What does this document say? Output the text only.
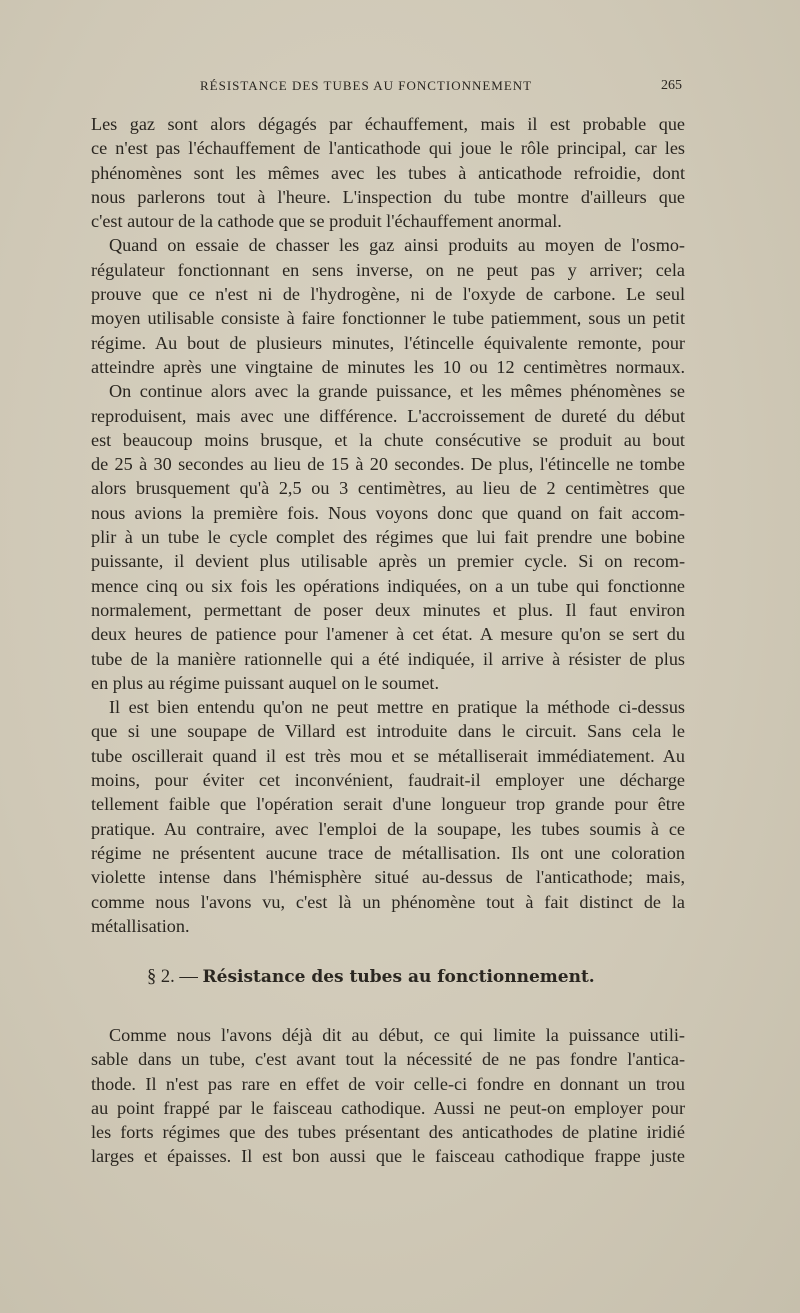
RÉSISTANCE DES TUBES AU FONCTIONNEMENT	265

Les gaz sont alors dégagés par échauffement, mais il est probable que
ce n'est pas l'échauffement de l'anticathode qui joue le rôle principal, car les
phénomènes sont les mêmes avec les tubes à anticathode refroidie, dont
nous parlerons tout à l'heure. L'inspection du tube montre d'ailleurs que
c'est autour de la cathode que se produit l'échauffement anormal.

Quand on essaie de chasser les gaz ainsi produits au moyen de l'osmo-
régulateur fonctionnant en sens inverse, on ne peut pas y arriver; cela
prouve que ce n'est ni de l'hydrogène, ni de l'oxyde de carbone. Le seul
moyen utilisable consiste à faire fonctionner le tube patiemment, sous un petit
régime. Au bout de plusieurs minutes, l'étincelle équivalente remonte, pour
atteindre après une vingtaine de minutes les 10 ou 12 centimètres normaux.

On continue alors avec la grande puissance, et les mêmes phénomènes se
reproduisent, mais avec une différence. L'accroissement de dureté du début
est beaucoup moins brusque, et la chute consécutive se produit au bout
de 25 à 30 secondes au lieu de 15 à 20 secondes. De plus, l'étincelle ne tombe
alors brusquement qu'à 2,5 ou 3 centimètres, au lieu de 2 centimètres que
nous avions la première fois. Nous voyons donc que quand on fait accom-
plir à un tube le cycle complet des régimes que lui fait prendre une bobine
puissante, il devient plus utilisable après un premier cycle. Si on recom-
mence cinq ou six fois les opérations indiquées, on a un tube qui fonctionne
normalement, permettant de poser deux minutes et plus. Il faut environ
deux heures de patience pour l'amener à cet état. A mesure qu'on se sert du
tube de la manière rationnelle qui a été indiquée, il arrive à résister de plus
en plus au régime puissant auquel on le soumet.

Il est bien entendu qu'on ne peut mettre en pratique la méthode ci-dessus
que si une soupape de Villard est introduite dans le circuit. Sans cela le
tube oscillerait quand il est très mou et se métalliserait immédiatement. Au
moins, pour éviter cet inconvénient, faudrait-il employer une décharge
tellement faible que l'opération serait d'une longueur trop grande pour être
pratique. Au contraire, avec l'emploi de la soupape, les tubes soumis à ce
régime ne présentent aucune trace de métallisation. Ils ont une coloration
violette intense dans l'hémisphère situé au-dessus de l'anticathode; mais,
comme nous l'avons vu, c'est là un phénomène tout à fait distinct de la
métallisation.

§ 2. — Résistance des tubes au fonctionnement.

Comme nous l'avons déjà dit au début, ce qui limite la puissance utili-
sable dans un tube, c'est avant tout la nécessité de ne pas fondre l'antica-
thode. Il n'est pas rare en effet de voir celle-ci fondre en donnant un trou
au point frappé par le faisceau cathodique. Aussi ne peut-on employer pour
les forts régimes que des tubes présentant des anticathodes de platine iridié
larges et épaisses. Il est bon aussi que le faisceau cathodique frappe juste
